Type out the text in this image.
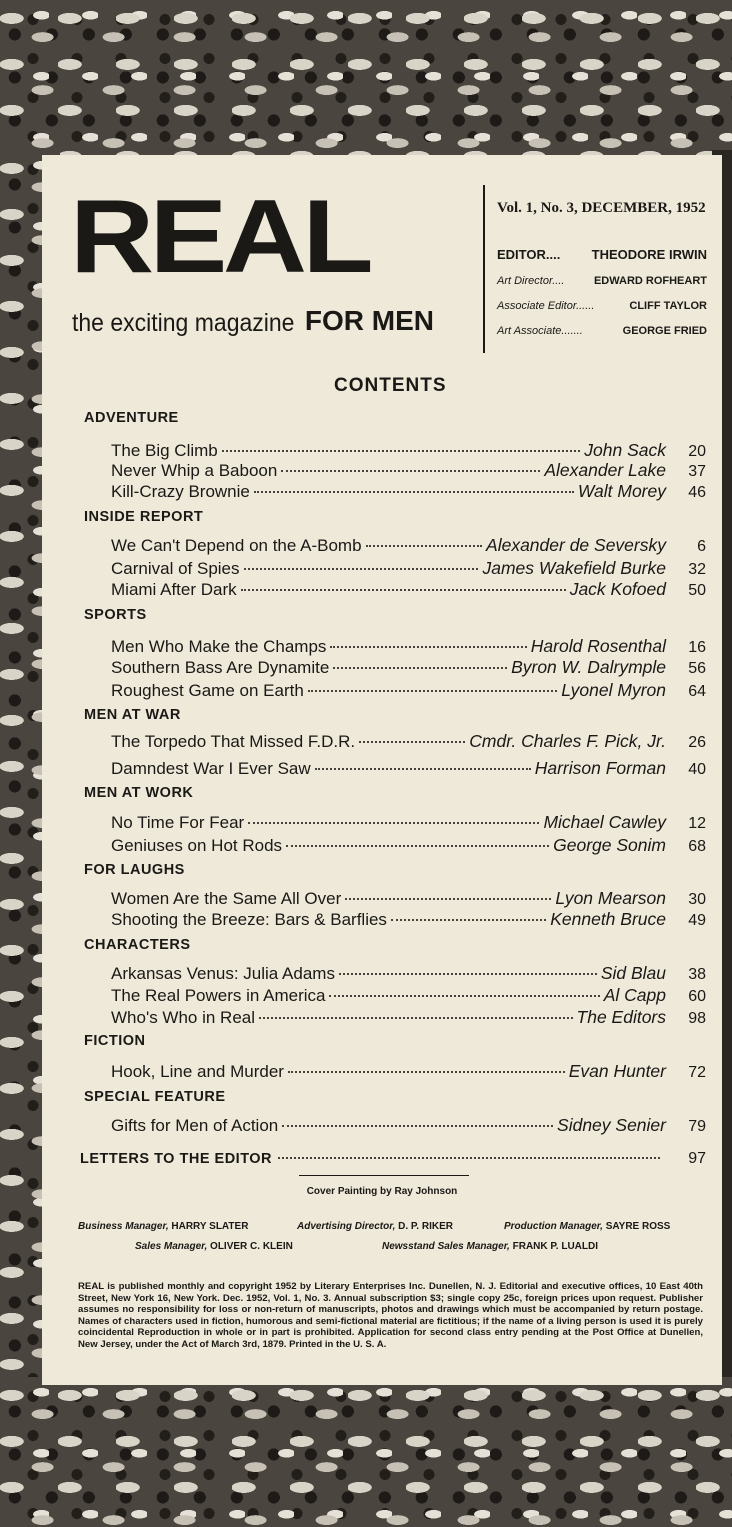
REAL
the exciting magazine FOR MEN
Vol. 1, No. 3, DECEMBER, 1952
EDITOR.... THEODORE IRWIN
Art Director....	EDWARD ROFHEART
Associate Editor......	CLIFF TAYLOR
Art Associate.......	GEORGE FRIED
CONTENTS
ADVENTURE
The Big Climb	John Sack	20
Never Whip a Baboon	Alexander Lake	37
Kill-Crazy Brownie	Walt Morey	46
INSIDE REPORT
We Can't Depend on the A-Bomb	Alexander de Seversky	6
Carnival of Spies	James Wakefield Burke	32
Miami After Dark	Jack Kofoed	50
SPORTS
Men Who Make the Champs	Harold Rosenthal	16
Southern Bass Are Dynamite	Byron W. Dalrymple	56
Roughest Game on Earth	Lyonel Myron	64
MEN AT WAR
The Torpedo That Missed F.D.R.	Cmdr. Charles F. Pick, Jr.	26
Damndest War I Ever Saw	Harrison Forman	40
MEN AT WORK
No Time For Fear	Michael Cawley	12
Geniuses on Hot Rods	George Sonim	68
FOR LAUGHS
Women Are the Same All Over	Lyon Mearson	30
Shooting the Breeze: Bars & Barflies	Kenneth Bruce	49
CHARACTERS
Arkansas Venus: Julia Adams	Sid Blau	38
The Real Powers in America	Al Capp	60
Who's Who in Real	The Editors	98
FICTION
Hook, Line and Murder	Evan Hunter	72
SPECIAL FEATURE
Gifts for Men of Action	Sidney Senier	79
LETTERS TO THE EDITOR	97
Cover Painting by Ray Johnson
Business Manager, HARRY SLATER	Advertising Director, D. P. RIKER	Production Manager, SAYRE ROSS
Sales Manager, OLIVER C. KLEIN	Newsstand Sales Manager, FRANK P. LUALDI
REAL is published monthly and copyright 1952 by Literary Enterprises Inc. Dunellen, N. J. Editorial and executive offices, 10 East 40th Street, New York 16, New York. Dec. 1952, Vol. 1, No. 3. Annual subscription $3; single copy 25c, foreign prices upon request. Publisher assumes no responsibility for loss or non-return of manuscripts, photos and drawings which must be accompanied by return postage. Names of characters used in fiction, humorous and semi-fictional material are fictitious; if the name of a living person is used it is purely coincidental Reproduction in whole or in part is prohibited. Application for second class entry pending at the Post Office at Dunellen, New Jersey, under the Act of March 3rd, 1879. Printed in the U. S. A.
